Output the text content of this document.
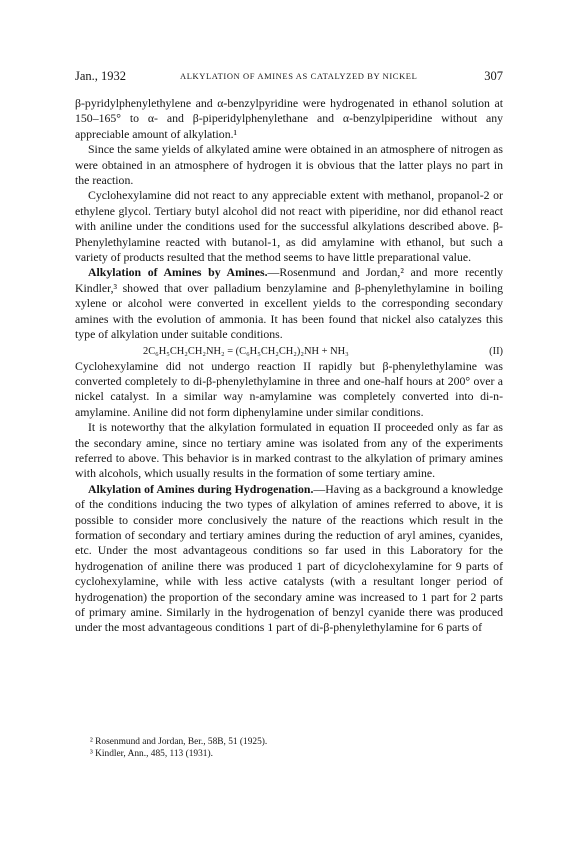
Jan., 1932	ALKYLATION OF AMINES AS CATALYZED BY NICKEL	307

β-pyridylphenylethylene and α-benzylpyridine were hydrogenated in ethanol solution at 150–165° to α- and β-piperidylphenylethane and α-benzylpiperidine without any appreciable amount of alkylation.¹

Since the same yields of alkylated amine were obtained in an atmosphere of nitrogen as were obtained in an atmosphere of hydrogen it is obvious that the latter plays no part in the reaction.

Cyclohexylamine did not react to any appreciable extent with methanol, propanol-2 or ethylene glycol. Tertiary butyl alcohol did not react with piperidine, nor did ethanol react with aniline under the conditions used for the successful alkylations described above. β-Phenylethylamine reacted with butanol-1, as did amylamine with ethanol, but such a variety of products resulted that the method seems to have little preparational value.

Alkylation of Amines by Amines.—Rosenmund and Jordan,² and more recently Kindler,³ showed that over palladium benzylamine and β-phenylethylamine in boiling xylene or alcohol were converted in excellent yields to the corresponding secondary amines with the evolution of ammonia. It has been found that nickel also catalyzes this type of alkylation under suitable conditions.

2C₆H₅CH₂CH₂NH₂ = (C₆H₅CH₂CH₂)₂NH + NH₃	(II)

Cyclohexylamine did not undergo reaction II rapidly but β-phenylethylamine was converted completely to di-β-phenylethylamine in three and one-half hours at 200° over a nickel catalyst. In a similar way n-amylamine was completely converted into di-n-amylamine. Aniline did not form diphenylamine under similar conditions.

It is noteworthy that the alkylation formulated in equation II proceeded only as far as the secondary amine, since no tertiary amine was isolated from any of the experiments referred to above. This behavior is in marked contrast to the alkylation of primary amines with alcohols, which usually results in the formation of some tertiary amine.

Alkylation of Amines during Hydrogenation.—Having as a background a knowledge of the conditions inducing the two types of alkylation of amines referred to above, it is possible to consider more conclusively the nature of the reactions which result in the formation of secondary and tertiary amines during the reduction of aryl amines, cyanides, etc. Under the most advantageous conditions so far used in this Laboratory for the hydrogenation of aniline there was produced 1 part of dicyclohexylamine for 9 parts of cyclohexylamine, while with less active catalysts (with a resultant longer period of hydrogenation) the proportion of the secondary amine was increased to 1 part for 2 parts of primary amine. Similarly in the hydrogenation of benzyl cyanide there was produced under the most advantageous conditions 1 part of di-β-phenylethylamine for 6 parts of

² Rosenmund and Jordan, Ber., 58B, 51 (1925).
³ Kindler, Ann., 485, 113 (1931).
